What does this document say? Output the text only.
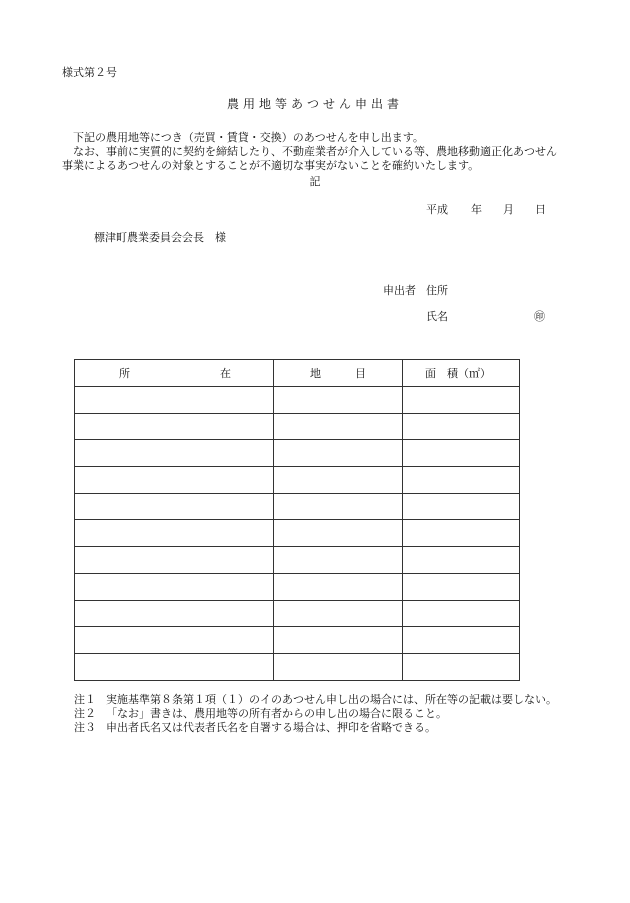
様式第２号
農用地等あつせん申出書
　下記の農用地等につき（売買・賃貸・交換）のあつせんを申し出ます。
　なお、事前に実質的に契約を締結したり、不動産業者が介入している等、農地移動適正化あつせん
事業によるあつせんの対象とすることが不適切な事実がないことを確約いたします。
記
平成 年 月 日
標津町農業委員会会長　様
申出者 住所
氏名	㊞
所 在	地 目	面 積（㎡）

注１ 実施基準第８条第１項（１）のイのあつせん申し出の場合には、所在等の記載は要しない。
注２ 「なお」書きは、農用地等の所有者からの申し出の場合に限ること。
注３ 申出者氏名又は代表者氏名を自署する場合は、押印を省略できる。
